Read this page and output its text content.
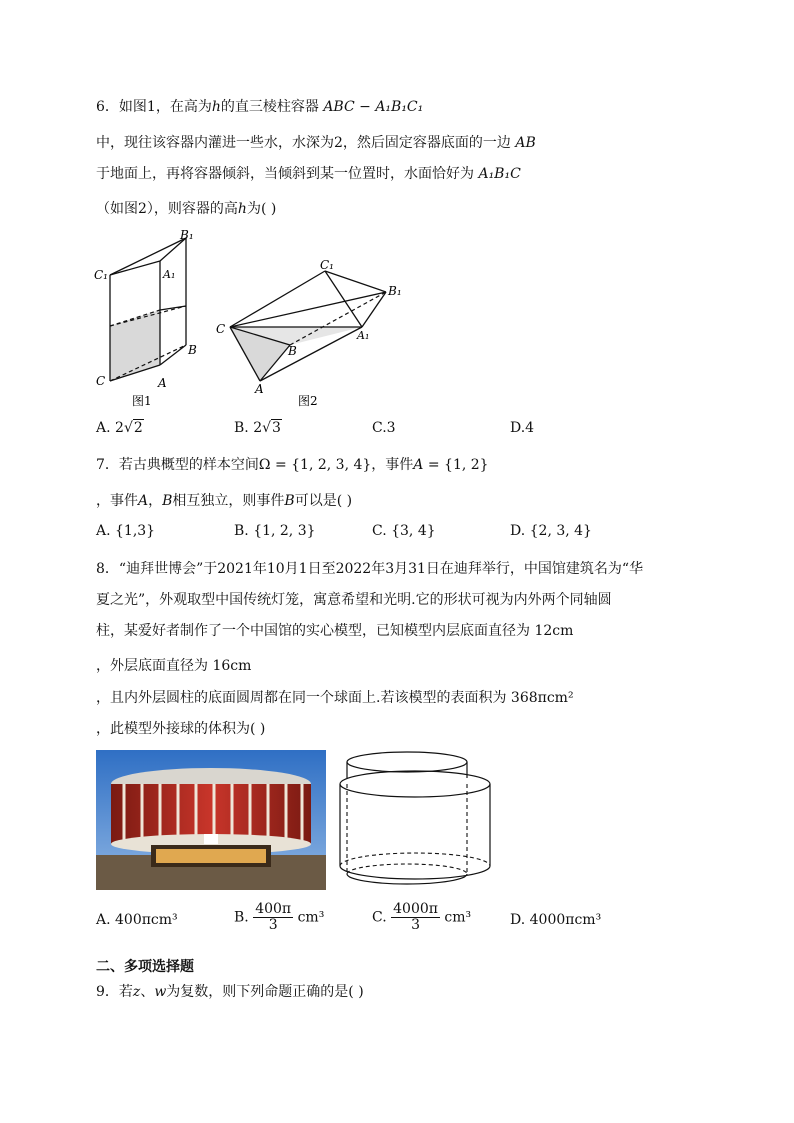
6．如图1，在高为h的直三棱柱容器 ABC − A₁B₁C₁
中，现往该容器内灌进一些水，水深为2，然后固定容器底面的一边 AB
于地面上，再将容器倾斜，当倾斜到某一位置时，水面恰好为 A₁B₁C
（如图2），则容器的高h为( )
B₁
C₁	A₁
B
C	A
图1
C₁
B₁
C	A₁
B
A
图2
A. 2√2	B. 2√3	C.3	D.4
7．若古典概型的样本空间Ω = {1, 2, 3, 4}，事件A = {1, 2}
，事件A，B相互独立，则事件B可以是( )
A. {1,3}	B. {1, 2, 3}	C. {3, 4}	D. {2, 3, 4}
8．“迪拜世博会”于2021年10月1日至2022年3月31日在迪拜举行，中国馆建筑名为“华
夏之光”，外观取型中国传统灯笼，寓意希望和光明.它的形状可视为内外两个同轴圆
柱，某爱好者制作了一个中国馆的实心模型，已知模型内层底面直径为 12cm
，外层底面直径为 16cm
，且内外层圆柱的底面圆周都在同一个球面上.若该模型的表面积为 368πcm²
，此模型外接球的体积为( )
A. 400πcm³	B. $\frac{400\pi}{3} cm^3$	C. $\frac{4000\pi}{3} cm^3$	D. 4000πcm³
二、多项选择题
9．若z、w为复数，则下列命题正确的是( )
